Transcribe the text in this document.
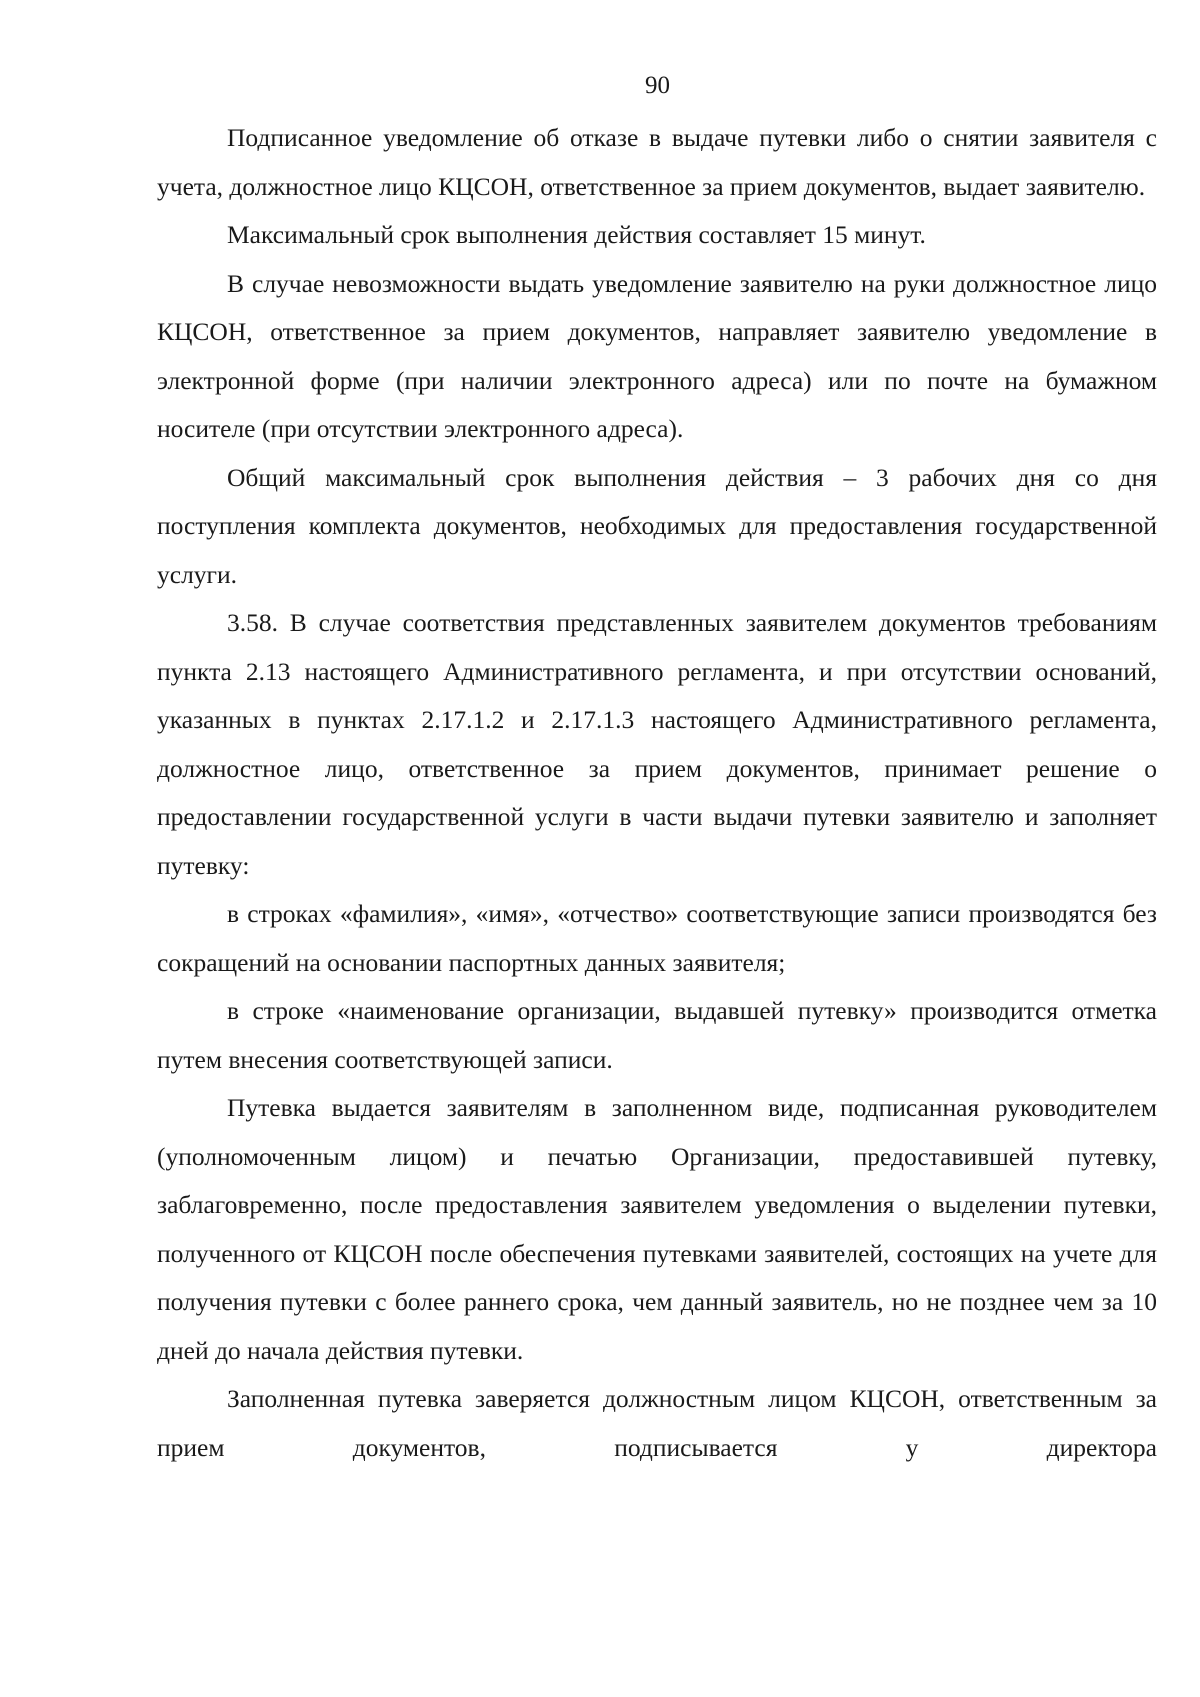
90

Подписанное уведомление об отказе в выдаче путевки либо о снятии заявителя с учета, должностное лицо КЦСОН, ответственное за прием документов, выдает заявителю.

Максимальный срок выполнения действия составляет 15 минут.

В случае невозможности выдать уведомление заявителю на руки должностное лицо КЦСОН, ответственное за прием документов, направляет заявителю уведомление в электронной форме (при наличии электронного адреса) или по почте на бумажном носителе (при отсутствии электронного адреса).

Общий максимальный срок выполнения действия – 3 рабочих дня со дня поступления комплекта документов, необходимых для предоставления государственной услуги.

3.58. В случае соответствия представленных заявителем документов требованиям пункта 2.13 настоящего Административного регламента, и при отсутствии оснований, указанных в пунктах 2.17.1.2 и 2.17.1.3 настоящего Административного регламента, должностное лицо, ответственное за прием документов, принимает решение о предоставлении государственной услуги в части выдачи путевки заявителю и заполняет путевку:

в строках «фамилия», «имя», «отчество» соответствующие записи производятся без сокращений на основании паспортных данных заявителя;

в строке «наименование организации, выдавшей путевку» производится отметка путем внесения соответствующей записи.

Путевка выдается заявителям в заполненном виде, подписанная руководителем (уполномоченным лицом) и печатью Организации, предоставившей путевку, заблаговременно, после предоставления заявителем уведомления о выделении путевки, полученного от КЦСОН после обеспечения путевками заявителей, состоящих на учете для получения путевки с более раннего срока, чем данный заявитель, но не позднее чем за 10 дней до начала действия путевки.

Заполненная путевка заверяется должностным лицом КЦСОН, ответственным за прием документов, подписывается у директора
